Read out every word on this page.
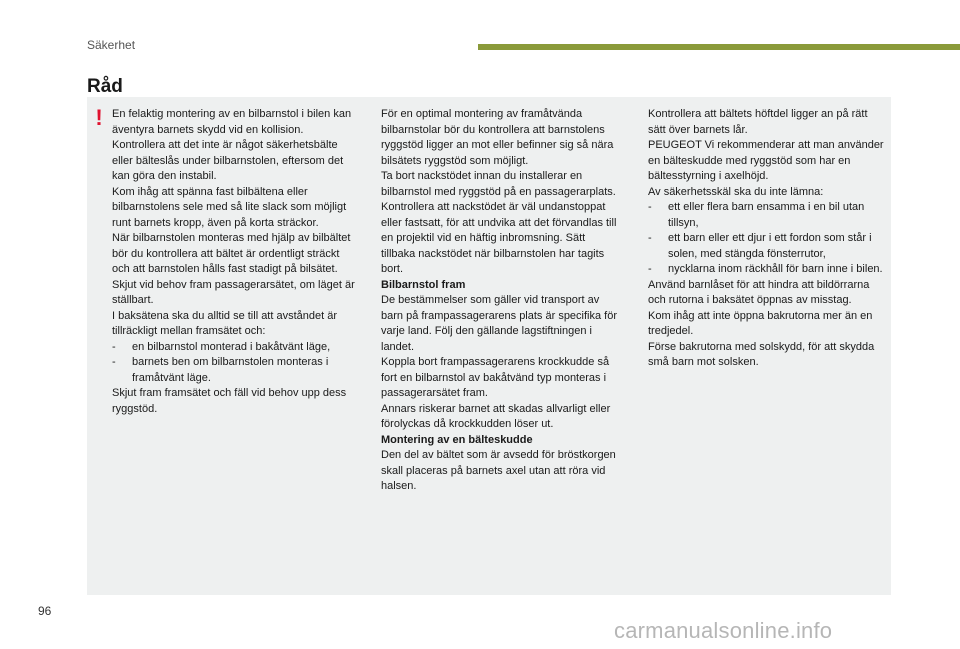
Säkerhet
Råd
! En felaktig montering av en bilbarnstol i bilen kan äventyra barnets skydd vid en kollision.

Kontrollera att det inte är något säkerhetsbälte eller bälteslås under bilbarnstolen, eftersom det kan göra den instabil.

Kom ihåg att spänna fast bilbältena eller bilbarnstolens sele med så lite slack som möjligt runt barnets kropp, även på korta sträckor.

När bilbarnstolen monteras med hjälp av bilbältet bör du kontrollera att bältet är ordentligt sträckt och att barnstolen hålls fast stadigt på bilsätet. Skjut vid behov fram passagerarsätet, om läget är ställbart.

I baksätena ska du alltid se till att avståndet är tillräckligt mellan framsätet och:

- en bilbarnstol monterad i bakåtvänt läge,
- barnets ben om bilbarnstolen monteras i framåtvänt läge.

Skjut fram framsätet och fäll vid behov upp dess ryggstöd.

För en optimal montering av framåtvända bilbarnstolar bör du kontrollera att barnstolens ryggstöd ligger an mot eller befinner sig så nära bilsätets ryggstöd som möjligt.

Ta bort nackstödet innan du installerar en bilbarnstol med ryggstöd på en passagerarplats.

Kontrollera att nackstödet är väl undanstoppat eller fastsatt, för att undvika att det förvandlas till en projektil vid en häftig inbromsning. Sätt tillbaka nackstödet när bilbarnstolen har tagits bort.

Bilbarnstol fram

De bestämmelser som gäller vid transport av barn på frampassagerarens plats är specifika för varje land. Följ den gällande lagstiftningen i landet.

Koppla bort frampassagerarens krockkudde så fort en bilbarnstol av bakåtvänd typ monteras i passagerarsätet fram.

Annars riskerar barnet att skadas allvarligt eller förolyckas då krockkudden löser ut.

Montering av en bälteskudde

Den del av bältet som är avsedd för bröstkorgen skall placeras på barnets axel utan att röra vid halsen.

Kontrollera att bältets höftdel ligger an på rätt sätt över barnets lår.

PEUGEOT Vi rekommenderar att man använder en bälteskudde med ryggstöd som har en bältesstyrning i axelhöjd.

Av säkerhetsskäl ska du inte lämna:

- ett eller flera barn ensamma i en bil utan tillsyn,
- ett barn eller ett djur i ett fordon som står i solen, med stängda fönsterrutor,
- nycklarna inom räckhåll för barn inne i bilen.

Använd barnlåset för att hindra att bildörrarna och rutorna i baksätet öppnas av misstag.

Kom ihåg att inte öppna bakrutorna mer än en tredjedel.

Förse bakrutorna med solskydd, för att skydda små barn mot solsken.

96
carmanualsonline.info
